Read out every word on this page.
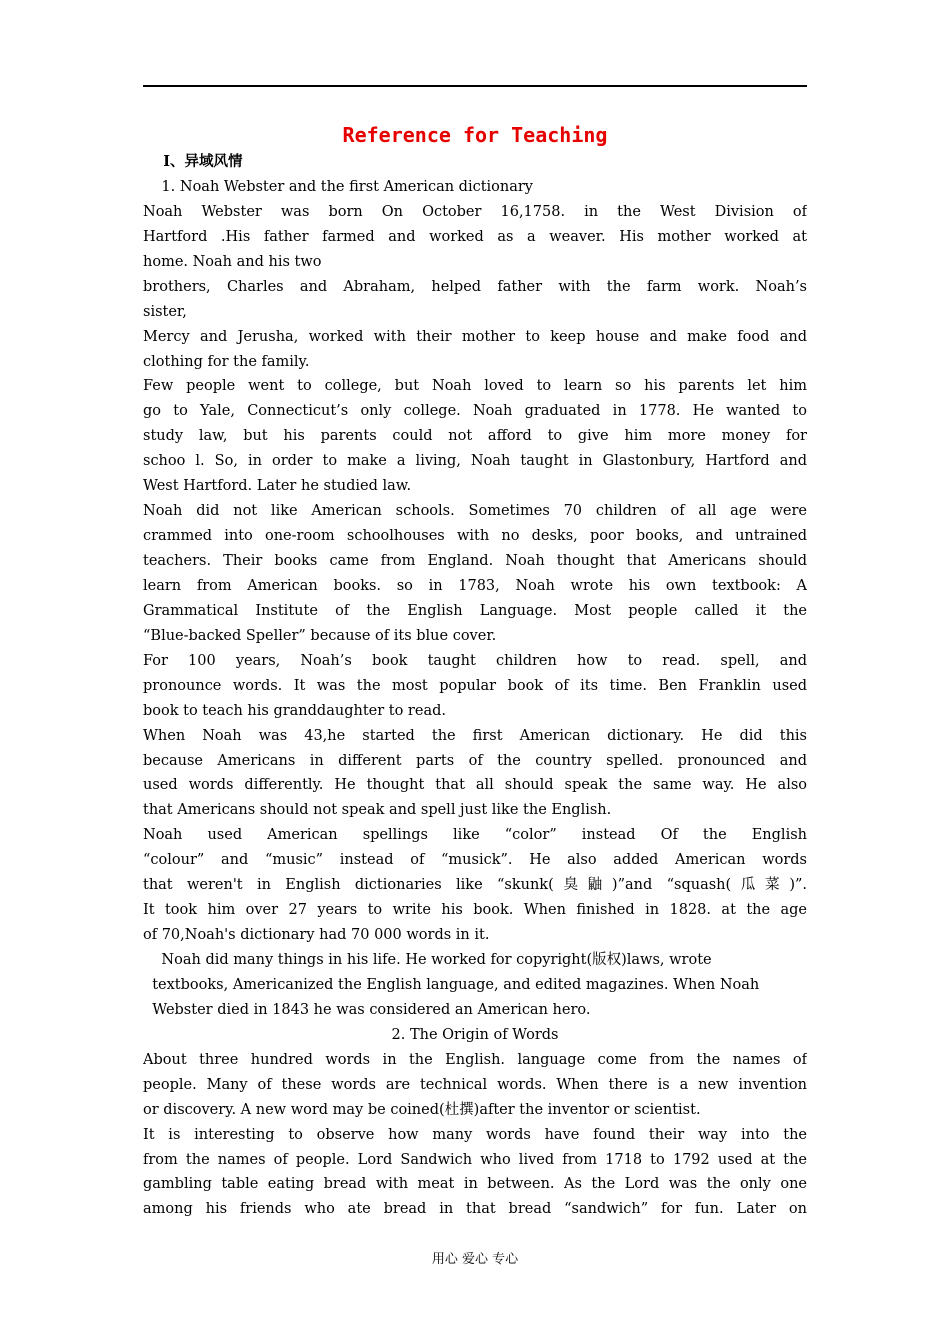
Reference for Teaching
I、异域风情
1. Noah Webster and the first American dictionary
Noah Webster was born On October 16,1758. in the West Division of
Hartford .His father farmed and worked as a weaver. His mother worked at
home. Noah and his two
brothers, Charles and Abraham, helped father with the farm work. Noah’s
sister,
Mercy and Jerusha, worked with their mother to keep house and make food and
clothing for the family.
Few people went to college, but Noah loved to learn so his parents let him
go to Yale, Connecticut’s only college. Noah graduated in 1778. He wanted to
study law, but his parents could not afford to give him more money for
schoo l. So, in order to make a living, Noah taught in Glastonbury, Hartford and
West Hartford. Later he studied law.
Noah did not like American schools. Sometimes 70 children of all age were
crammed into one-room schoolhouses with no desks, poor books, and untrained
teachers. Their books came from England. Noah thought that Americans should
learn from American books. so in 1783, Noah wrote his own textbook: A
Grammatical Institute of the English Language. Most people called it the
“Blue-backed Speller” because of its blue cover.
For 100 years, Noah’s book taught children how to read. spell, and
pronounce words. It was the most popular book of its time. Ben Franklin used
book to teach his granddaughter to read.
When Noah was 43,he started the first American dictionary. He did this
because Americans in different parts of the country spelled. pronounced and
used words differently. He thought that all should speak the same way. He also
that Americans should not speak and spell just like the English.
Noah used American spellings like “color” instead Of the English
“colour” and “music” instead of “musick”. He also added American words
that weren't in English dictionaries like “skunk(臭鼬)”and “squash(瓜菜)”.
It took him over 27 years to write his book. When finished in 1828. at the age
of 70,Noah's dictionary had 70 000 words in it.
Noah did many things in his life. He worked for copyright(版权)laws, wrote
textbooks, Americanized the English language, and edited magazines. When Noah
Webster died in 1843 he was considered an American hero.
2. The Origin of Words
About three hundred words in the English. language come from the names of
people. Many of these words are technical words. When there is a new invention
or discovery. A new word may be coined(杜撰)after the inventor or scientist.
It is interesting to observe how many words have found their way into the
from the names of people. Lord Sandwich who lived from 1718 to 1792 used at the
gambling table eating bread with meat in between. As the Lord was the only one
among his friends who ate bread in that bread “sandwich” for fun. Later on
用心 爱心 专心
